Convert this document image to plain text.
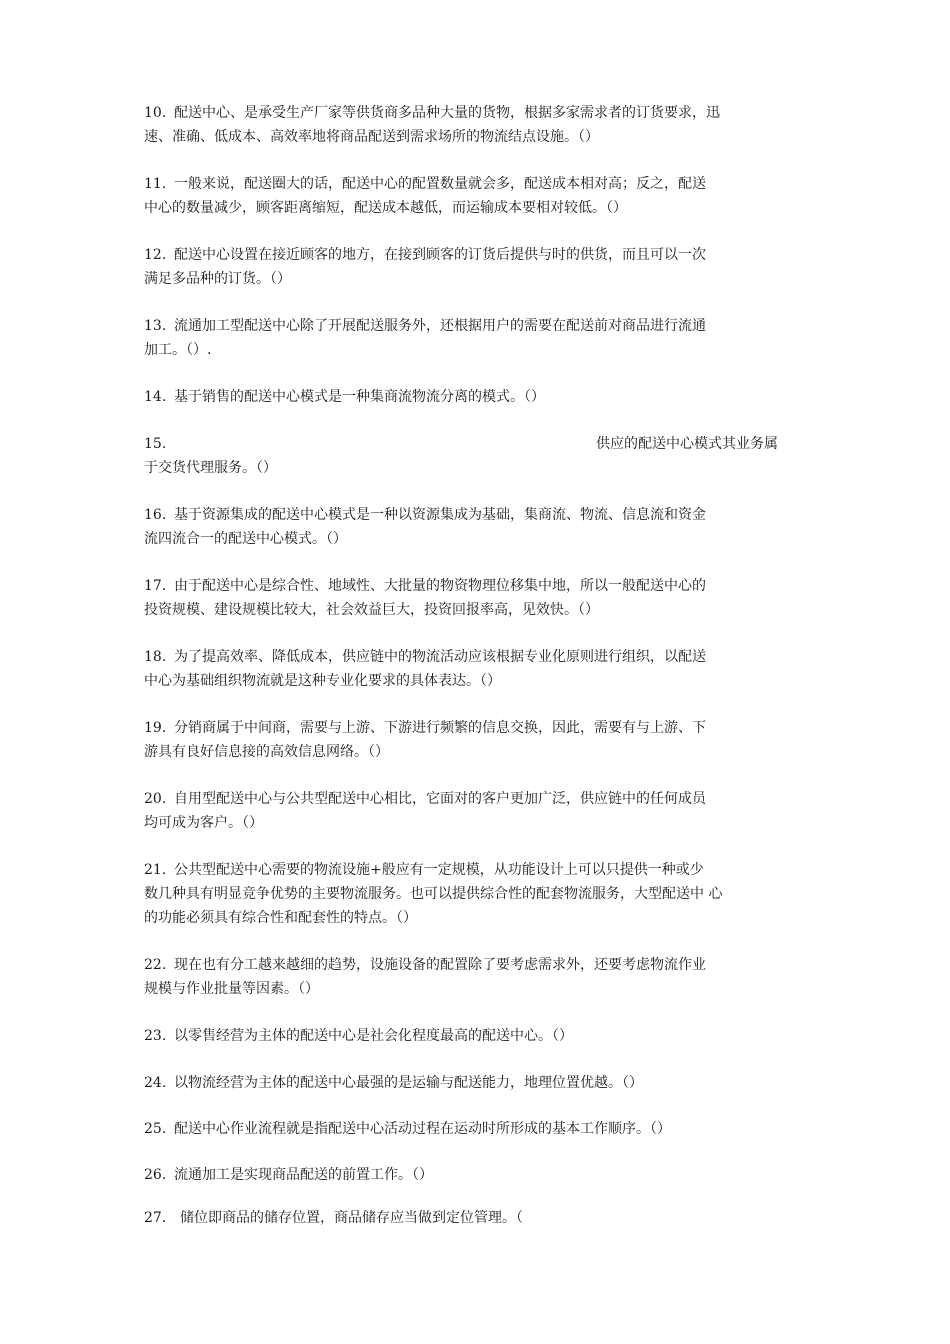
10. 配送中心、是承受生产厂家等供货商多品种大量的货物，根据多家需求者的订货要求，迅
速、准确、低成本、高效率地将商品配送到需求场所的物流结点设施。（）
11. 一般来说，配送圈大的话，配送中心的配置数量就会多，配送成本相对高；反之，配送
中心的数量减少，顾客距离缩短，配送成本越低，而运输成本要相对较低。（）
12. 配送中心设置在接近顾客的地方，在接到顾客的订货后提供与时的供货，而且可以一次
满足多品种的订货。（）
13. 流通加工型配送中心除了开展配送服务外，还根据用户的需要在配送前对商品进行流通
加工。（）.
14. 基于销售的配送中心模式是一种集商流物流分离的模式。（）
15.	供应的配送中心模式其业务属
于交货代理服务。（）
16. 基于资源集成的配送中心模式是一种以资源集成为基础，集商流、物流、信息流和资金
流四流合一的配送中心模式。（）
17. 由于配送中心是综合性、地域性、大批量的物资物理位移集中地，所以一般配送中心的
投资规模、建设规模比较大，社会效益巨大，投资回报率高，见效快。（）
18. 为了提高效率、降低成本，供应链中的物流活动应该根据专业化原则进行组织，以配送
中心为基础组织物流就是这种专业化要求的具体表达。（）
19. 分销商属于中间商，需要与上游、下游进行频繁的信息交换，因此，需要有与上游、下
游具有良好信息接的高效信息网络。（）
20. 自用型配送中心与公共型配送中心相比，它面对的客户更加广泛，供应链中的任何成员
均可成为客户。（）
21. 公共型配送中心需要的物流设施+般应有一定规模，从功能设计上可以只提供一种或少
数几种具有明显竞争优势的主要物流服务。也可以提供综合性的配套物流服务，大型配送中 心
的功能必须具有综合性和配套性的特点。（）
22. 现在也有分工越来越细的趋势，设施设备的配置除了要考虑需求外，还要考虑物流作业
规模与作业批量等因素。（）
23. 以零售经营为主体的配送中心是社会化程度最高的配送中心。（）
24. 以物流经营为主体的配送中心最强的是运输与配送能力，地理位置优越。（）
25. 配送中心作业流程就是指配送中心活动过程在运动时所形成的基本工作顺序。（）
26. 流通加工是实现商品配送的前置工作。（）
27. 储位即商品的储存位置，商品储存应当做到定位管理。（
